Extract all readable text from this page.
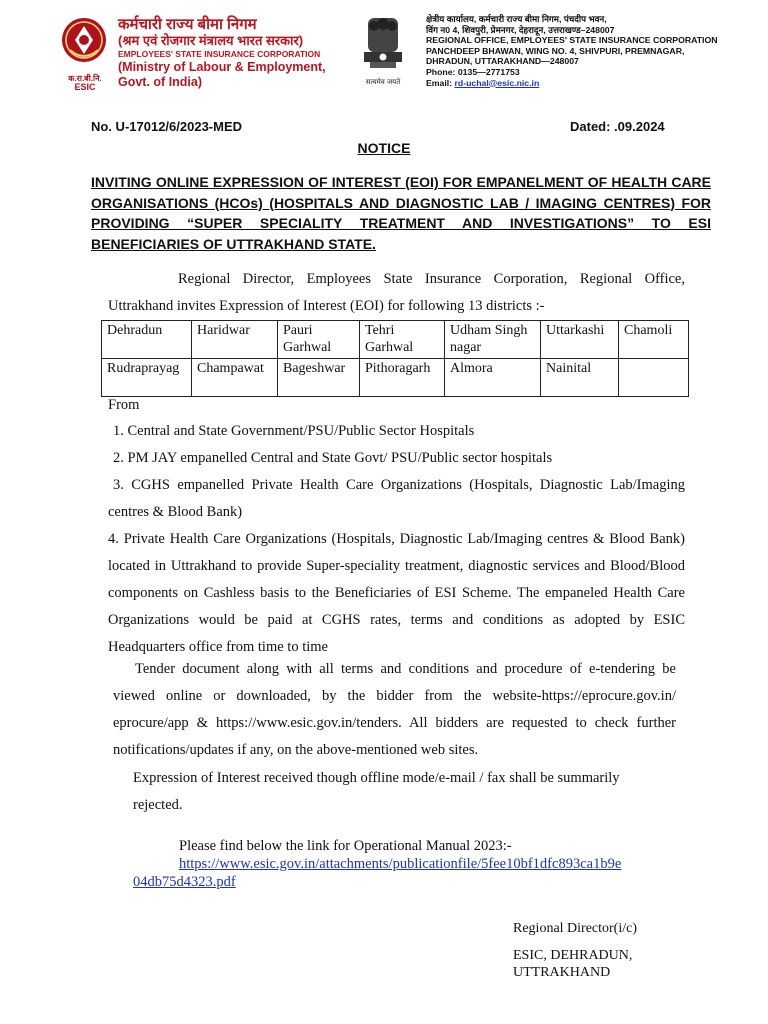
क.रा.बी.नि.
ESIC
कर्मचारी राज्य बीमा निगम
(श्रम एवं रोजगार मंत्रालय भारत सरकार)
EMPLOYEES' STATE INSURANCE CORPORATION
(Ministry of Labour & Employment,
Govt. of India)	सत्यमेव जयते
क्षेत्रीय कार्यालय, कर्मचारी राज्य बीमा निगम, पंचदीप भवन,
विंग न0 4, शिवपुरी, प्रेमनगर, देहरादून, उत्तराखण्ड–248007
REGIONAL OFFICE, EMPLOYEES' STATE INSURANCE CORPORATION
PANCHDEEP BHAWAN, WING NO. 4, SHIVPURI, PREMNAGAR,
DHRADUN, UTTARAKHAND—248007
Phone: 0135—2771753
Email: rd-uchal@esic.nic.in
No. U-17012/6/2023-MED	Dated: .09.2024
NOTICE
INVITING ONLINE EXPRESSION OF INTEREST (EOI) FOR EMPANELMENT OF HEALTH CARE ORGANISATIONS (HCOs) (HOSPITALS AND DIAGNOSTIC LAB / IMAGING CENTRES) FOR PROVIDING “SUPER SPECIALITY TREATMENT AND INVESTIGATIONS” TO ESI BENEFICIARIES OF UTTRAKHAND STATE.
Regional Director, Employees State Insurance Corporation, Regional Office, Uttrakhand invites Expression of Interest (EOI) for following 13 districts :-
Dehradun	Haridwar	Pauri Garhwal	Tehri Garhwal	Udham Singh nagar	Uttarkashi	Chamoli
Rudraprayag	Champawat	Bageshwar	Pithoragarh	Almora	Nainital	
From

1. Central and State Government/PSU/Public Sector Hospitals

2. PM JAY empanelled Central and State Govt/ PSU/Public sector hospitals

3. CGHS empanelled Private Health Care Organizations (Hospitals, Diagnostic Lab/Imaging centres & Blood Bank)

4. Private Health Care Organizations (Hospitals, Diagnostic Lab/Imaging centres & Blood Bank) located in Uttrakhand to provide Super-speciality treatment, diagnostic services and Blood/Blood components on Cashless basis to the Beneficiaries of ESI Scheme. The empaneled Health Care Organizations would be paid at CGHS rates, terms and conditions as adopted by ESIC Headquarters office from time to time

Tender document along with all terms and conditions and procedure of e-tendering be viewed online or downloaded, by the bidder from the website-https://eprocure.gov.in/ eprocure/app & https://www.esic.gov.in/tenders. All bidders are requested to check further notifications/updates if any, on the above-mentioned web sites.
Expression of Interest received though offline mode/e-mail / fax shall be summarily rejected.
Please find below the link for Operational Manual 2023:-
https://www.esic.gov.in/attachments/publicationfile/5fee10bf1dfc893ca1b9e
04db75d4323.pdf
Regional Director(i/c)
ESIC, DEHRADUN,
UTTRAKHAND
